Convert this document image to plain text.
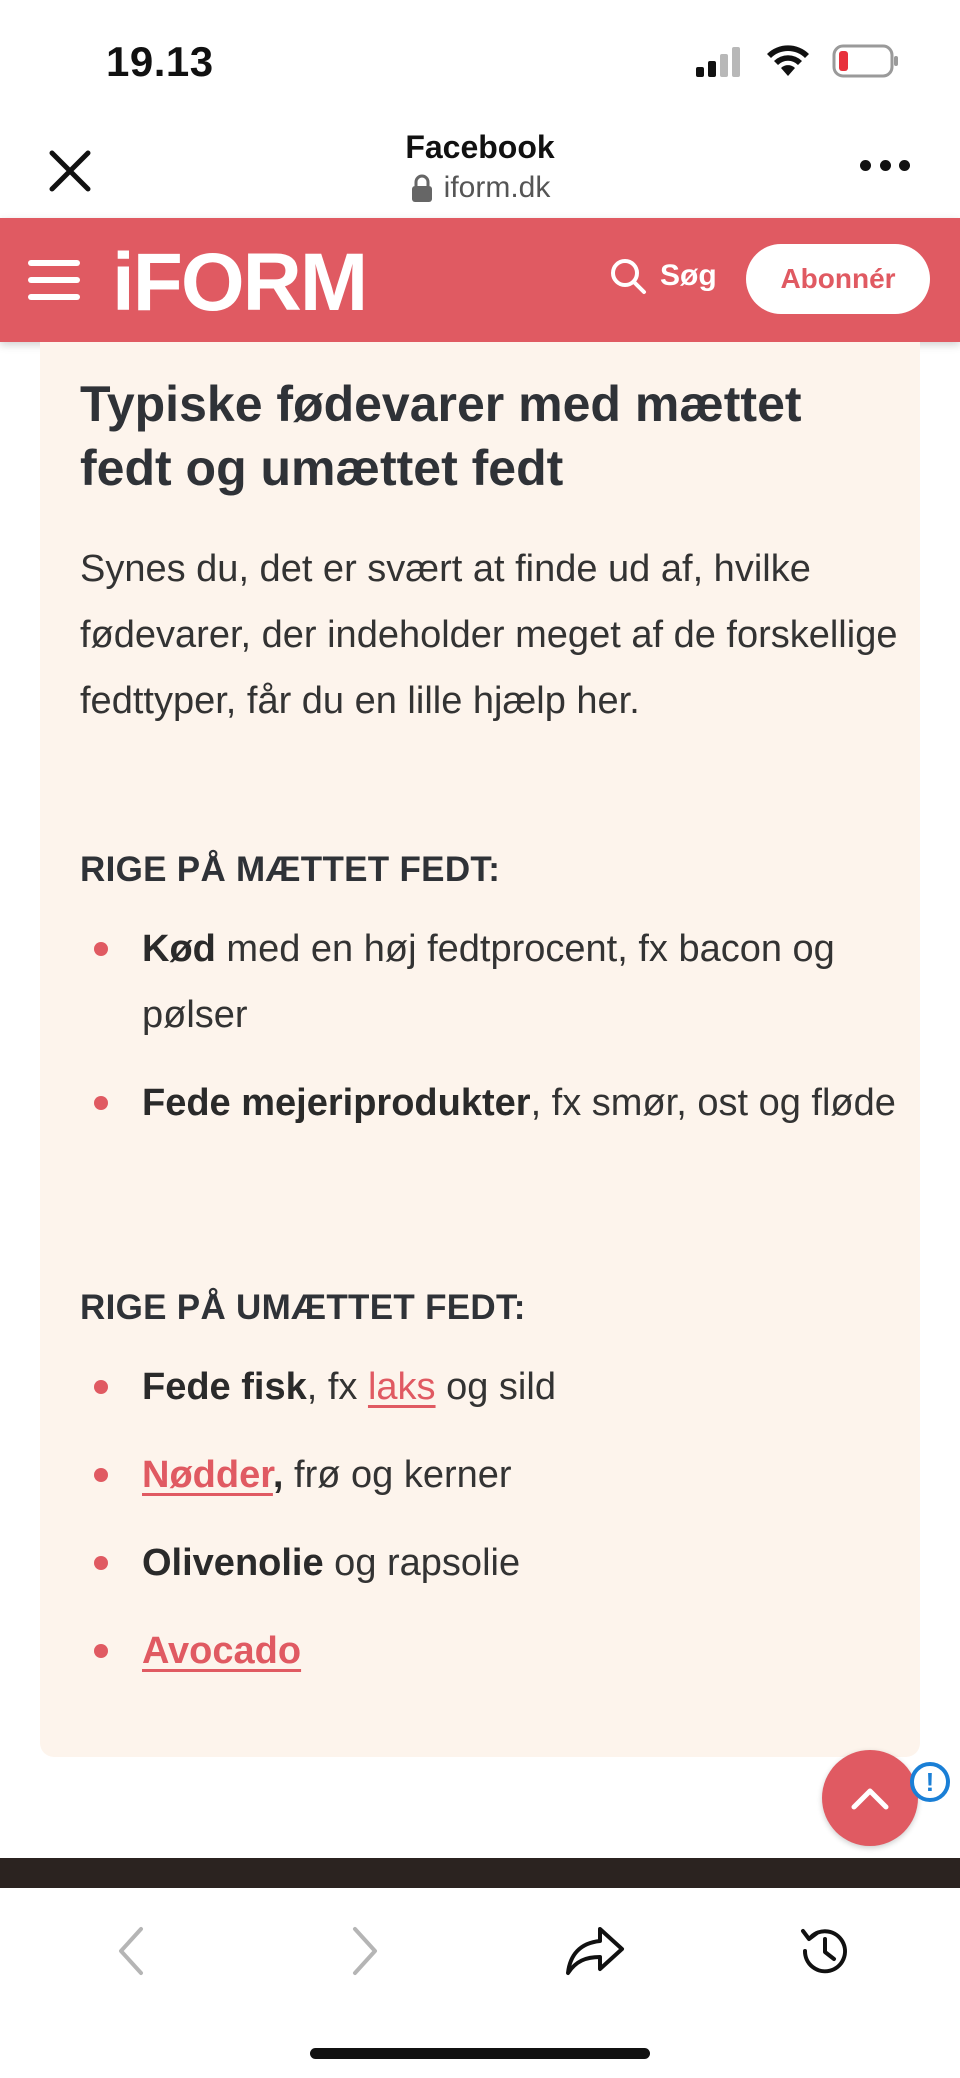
19.13
Facebook
iform.dk
iFORM	Søg	Abonnér
Typiske fødevarer med mættet fedt og umættet fedt
Synes du, det er svært at finde ud af, hvilke fødevarer, der indeholder meget af de forskellige fedttyper, får du en lille hjælp her.
RIGE PÅ MÆTTET FEDT:
Kød med en høj fedtprocent, fx bacon og pølser
Fede mejeriprodukter, fx smør, ost og fløde
RIGE PÅ UMÆTTET FEDT:
Fede fisk, fx laks og sild
Nødder, frø og kerner
Olivenolie og rapsolie
Avocado
!
